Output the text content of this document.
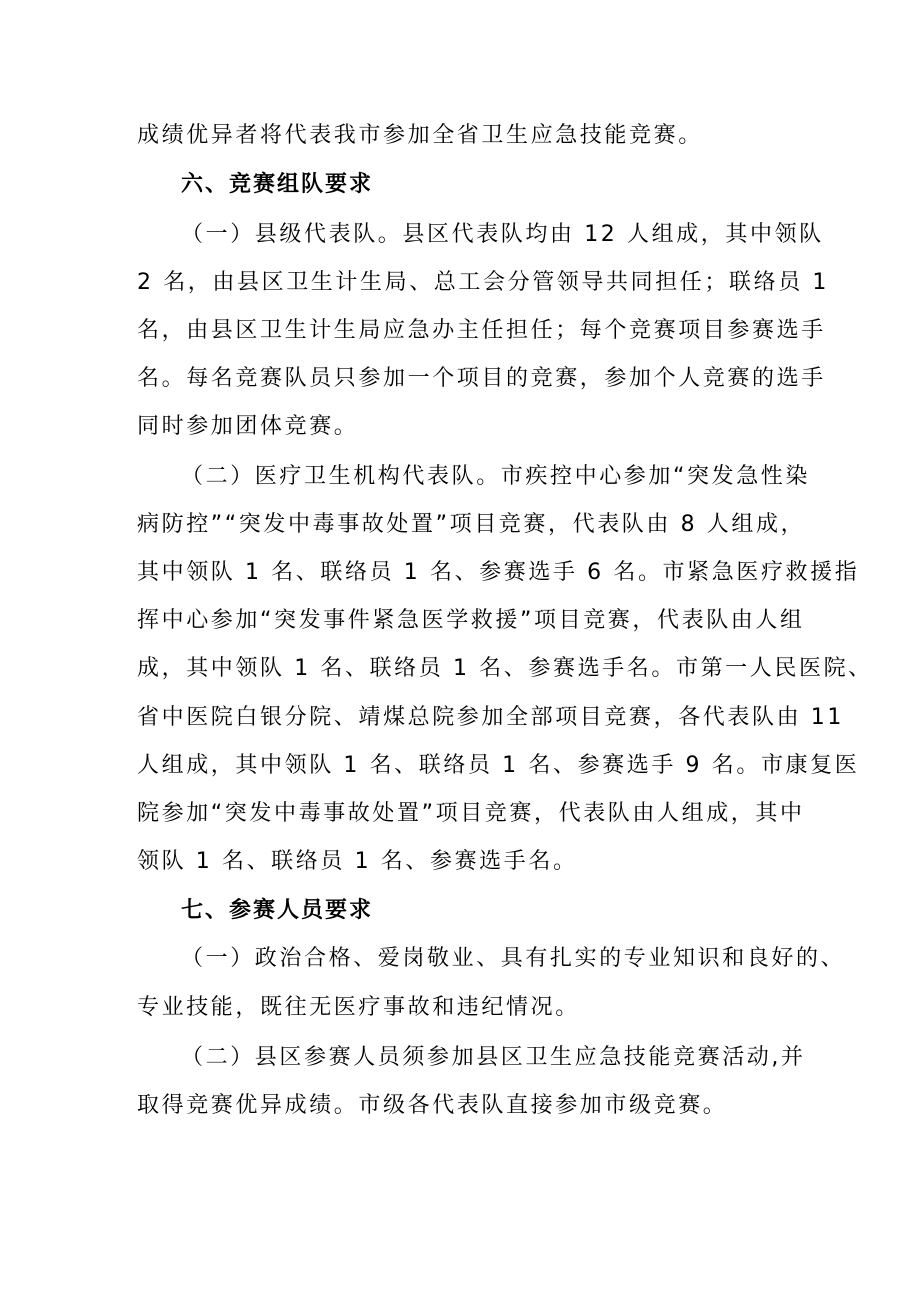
成绩优异者将代表我市参加全省卫生应急技能竞赛。
六、竞赛组队要求
（一）县级代表队。县区代表队均由 12 人组成，其中领队
2 名，由县区卫生计生局、总工会分管领导共同担任；联络员 1
名，由县区卫生计生局应急办主任担任；每个竞赛项目参赛选手
名。每名竞赛队员只参加一个项目的竞赛，参加个人竞赛的选手
同时参加团体竞赛。
（二）医疗卫生机构代表队。市疾控中心参加“突发急性染
病防控”“突发中毒事故处置”项目竞赛，代表队由 8 人组成，
其中领队 1 名、联络员 1 名、参赛选手 6 名。市紧急医疗救援指
挥中心参加“突发事件紧急医学救援”项目竞赛，代表队由人组
成，其中领队 1 名、联络员 1 名、参赛选手名。市第一人民医院、
省中医院白银分院、靖煤总院参加全部项目竞赛，各代表队由 11
人组成，其中领队 1 名、联络员 1 名、参赛选手 9 名。市康复医
院参加“突发中毒事故处置”项目竞赛，代表队由人组成，其中
领队 1 名、联络员 1 名、参赛选手名。
七、参赛人员要求
（一）政治合格、爱岗敬业、具有扎实的专业知识和良好的、
专业技能，既往无医疗事故和违纪情况。
（二）县区参赛人员须参加县区卫生应急技能竞赛活动,并
取得竞赛优异成绩。市级各代表队直接参加市级竞赛。
